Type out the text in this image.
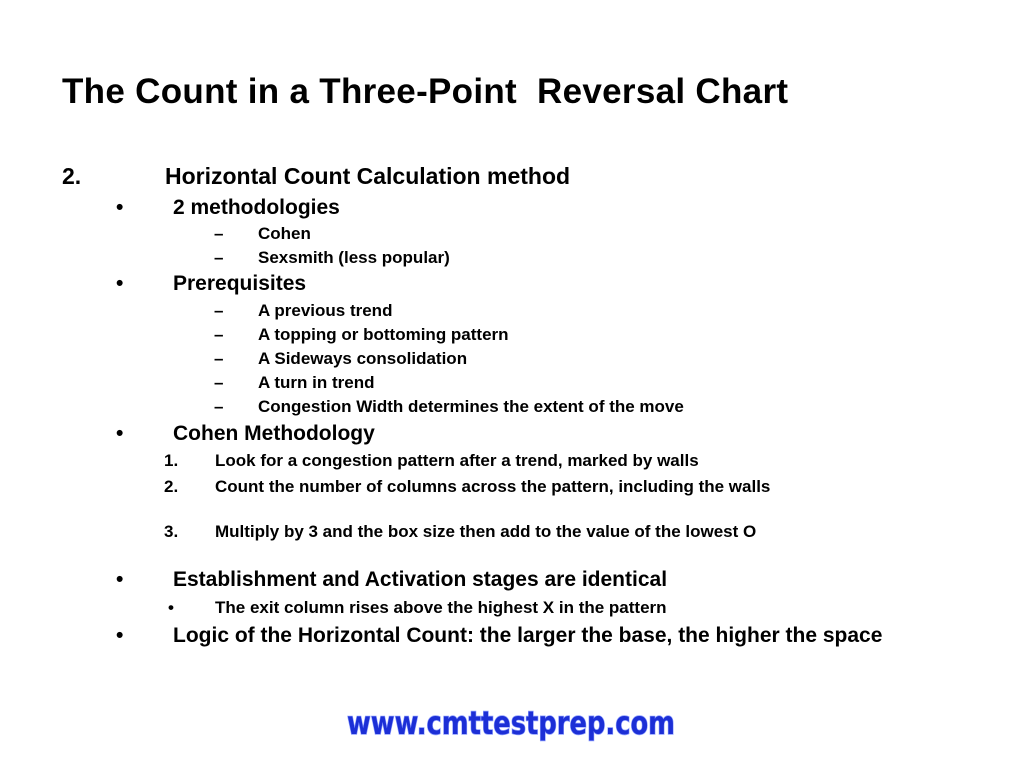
The Count in a Three-Point  Reversal Chart
2.	Horizontal Count Calculation method
• 2 methodologies
– Cohen
– Sexsmith (less popular)
• Prerequisites
– A previous trend
– A topping or bottoming pattern
– A Sideways consolidation
– A turn in trend
– Congestion Width determines the extent of the move
• Cohen Methodology
1. Look for a congestion pattern after a trend, marked by walls
2. Count the number of columns across the pattern, including the walls
3. Multiply by 3 and the box size then add to the value of the lowest O
• Establishment and Activation stages are identical
• The exit column rises above the highest X in the pattern
• Logic of the Horizontal Count: the larger the base, the higher the space
www.cmttestprep.com
